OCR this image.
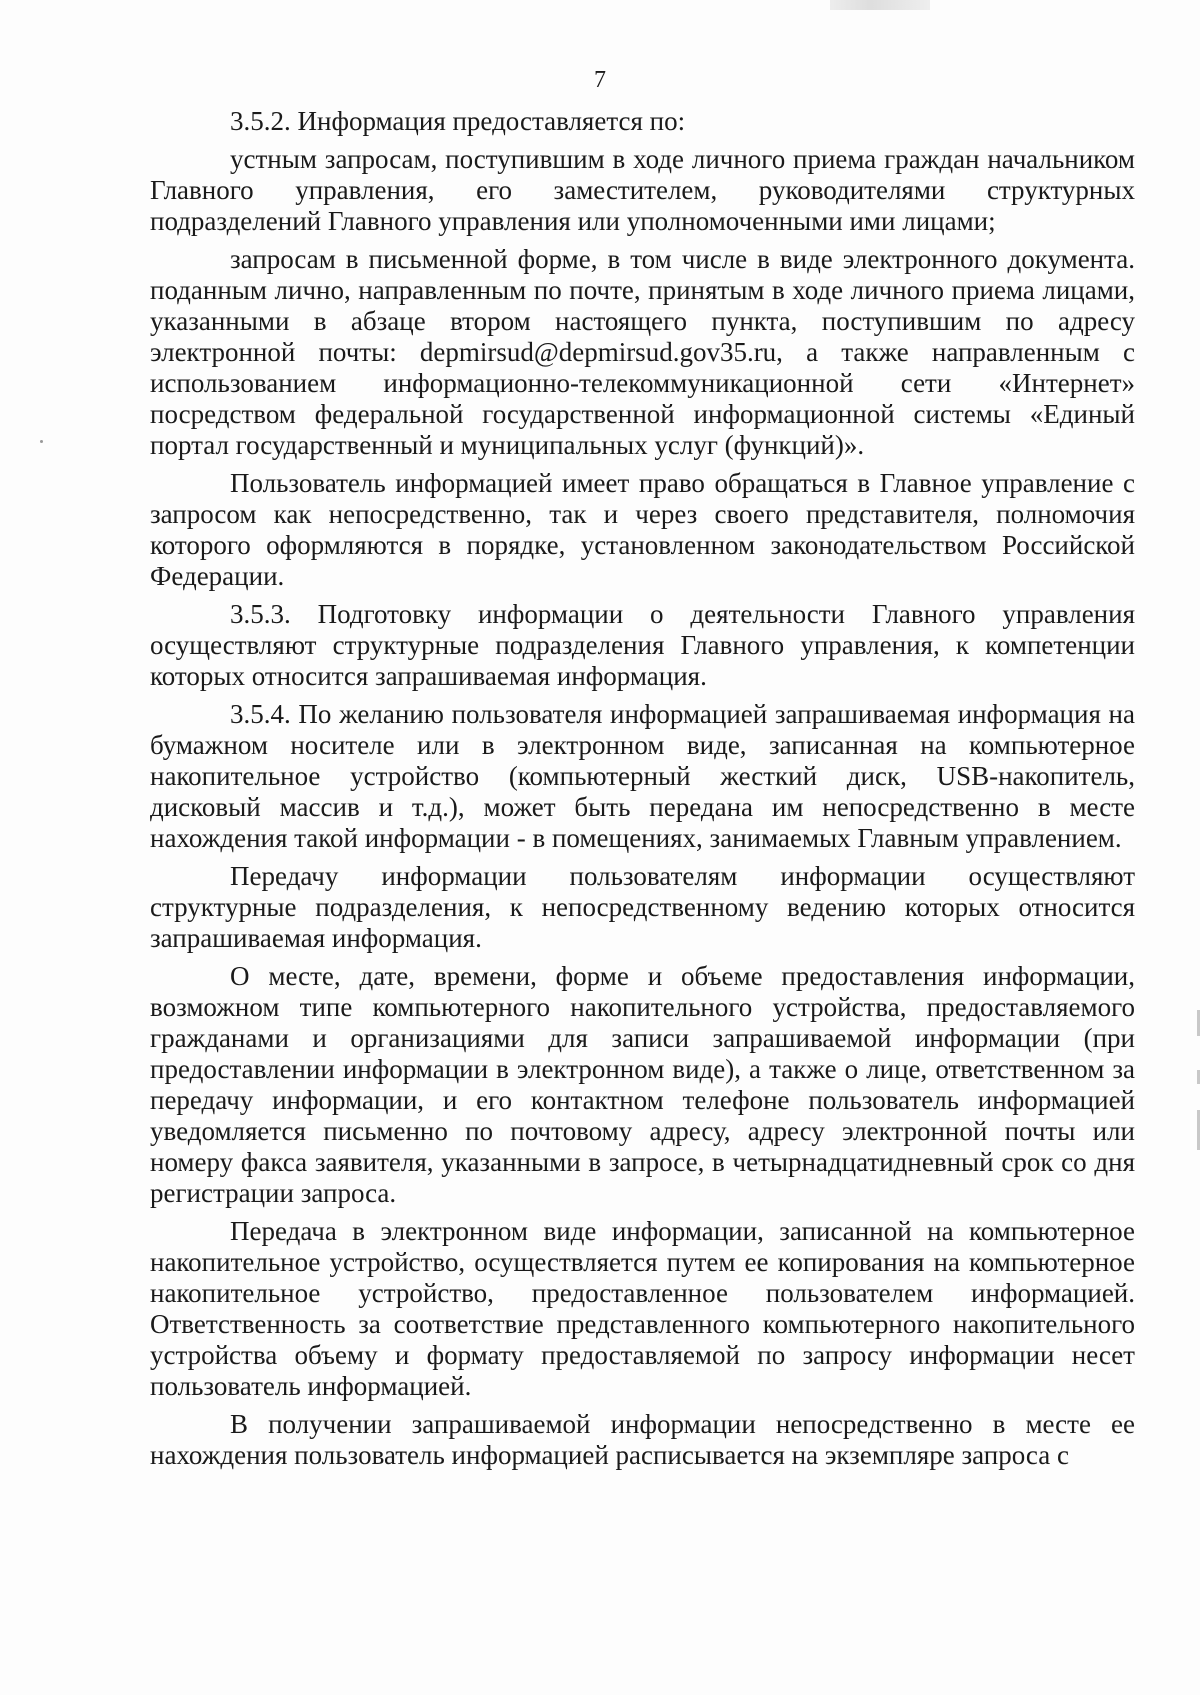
7

3.5.2. Информация предоставляется по:

устным запросам, поступившим в ходе личного приема граждан начальником Главного управления, его заместителем, руководителями структурных подразделений Главного управления или уполномоченными ими лицами;

запросам в письменной форме, в том числе в виде электронного документа. поданным лично, направленным по почте, принятым в ходе личного приема лицами, указанными в абзаце втором настоящего пункта, поступившим по адресу электронной почты: depmirsud@depmirsud.gov35.ru, а также направленным с использованием информационно-телекоммуникационной сети «Интернет» посредством федеральной государственной информационной системы «Единый портал государственный и муниципальных услуг (функций)».

Пользователь информацией имеет право обращаться в Главное управление с запросом как непосредственно, так и через своего представителя, полномочия которого оформляются в порядке, установленном законодательством Российской Федерации.

3.5.3. Подготовку информации о деятельности Главного управления осуществляют структурные подразделения Главного управления, к компетенции которых относится запрашиваемая информация.

3.5.4. По желанию пользователя информацией запрашиваемая информация на бумажном носителе или в электронном виде, записанная на компьютерное накопительное устройство (компьютерный жесткий диск, USB-накопитель, дисковый массив и т.д.), может быть передана им непосредственно в месте нахождения такой информации - в помещениях, занимаемых Главным управлением.

Передачу информации пользователям информации осуществляют структурные подразделения, к непосредственному ведению которых относится запрашиваемая информация.

О месте, дате, времени, форме и объеме предоставления информации, возможном типе компьютерного накопительного устройства, предоставляемого гражданами и организациями для записи запрашиваемой информации (при предоставлении информации в электронном виде), а также о лице, ответственном за передачу информации, и его контактном телефоне пользователь информацией уведомляется письменно по почтовому адресу, адресу электронной почты или номеру факса заявителя, указанными в запросе, в четырнадцатидневный срок со дня регистрации запроса.

Передача в электронном виде информации, записанной на компьютерное накопительное устройство, осуществляется путем ее копирования на компьютерное накопительное устройство, предоставленное пользователем информацией. Ответственность за соответствие представленного компьютерного накопительного устройства объему и формату предоставляемой по запросу информации несет пользователь информацией.

В получении запрашиваемой информации непосредственно в месте ее нахождения пользователь информацией расписывается на экземпляре запроса с
